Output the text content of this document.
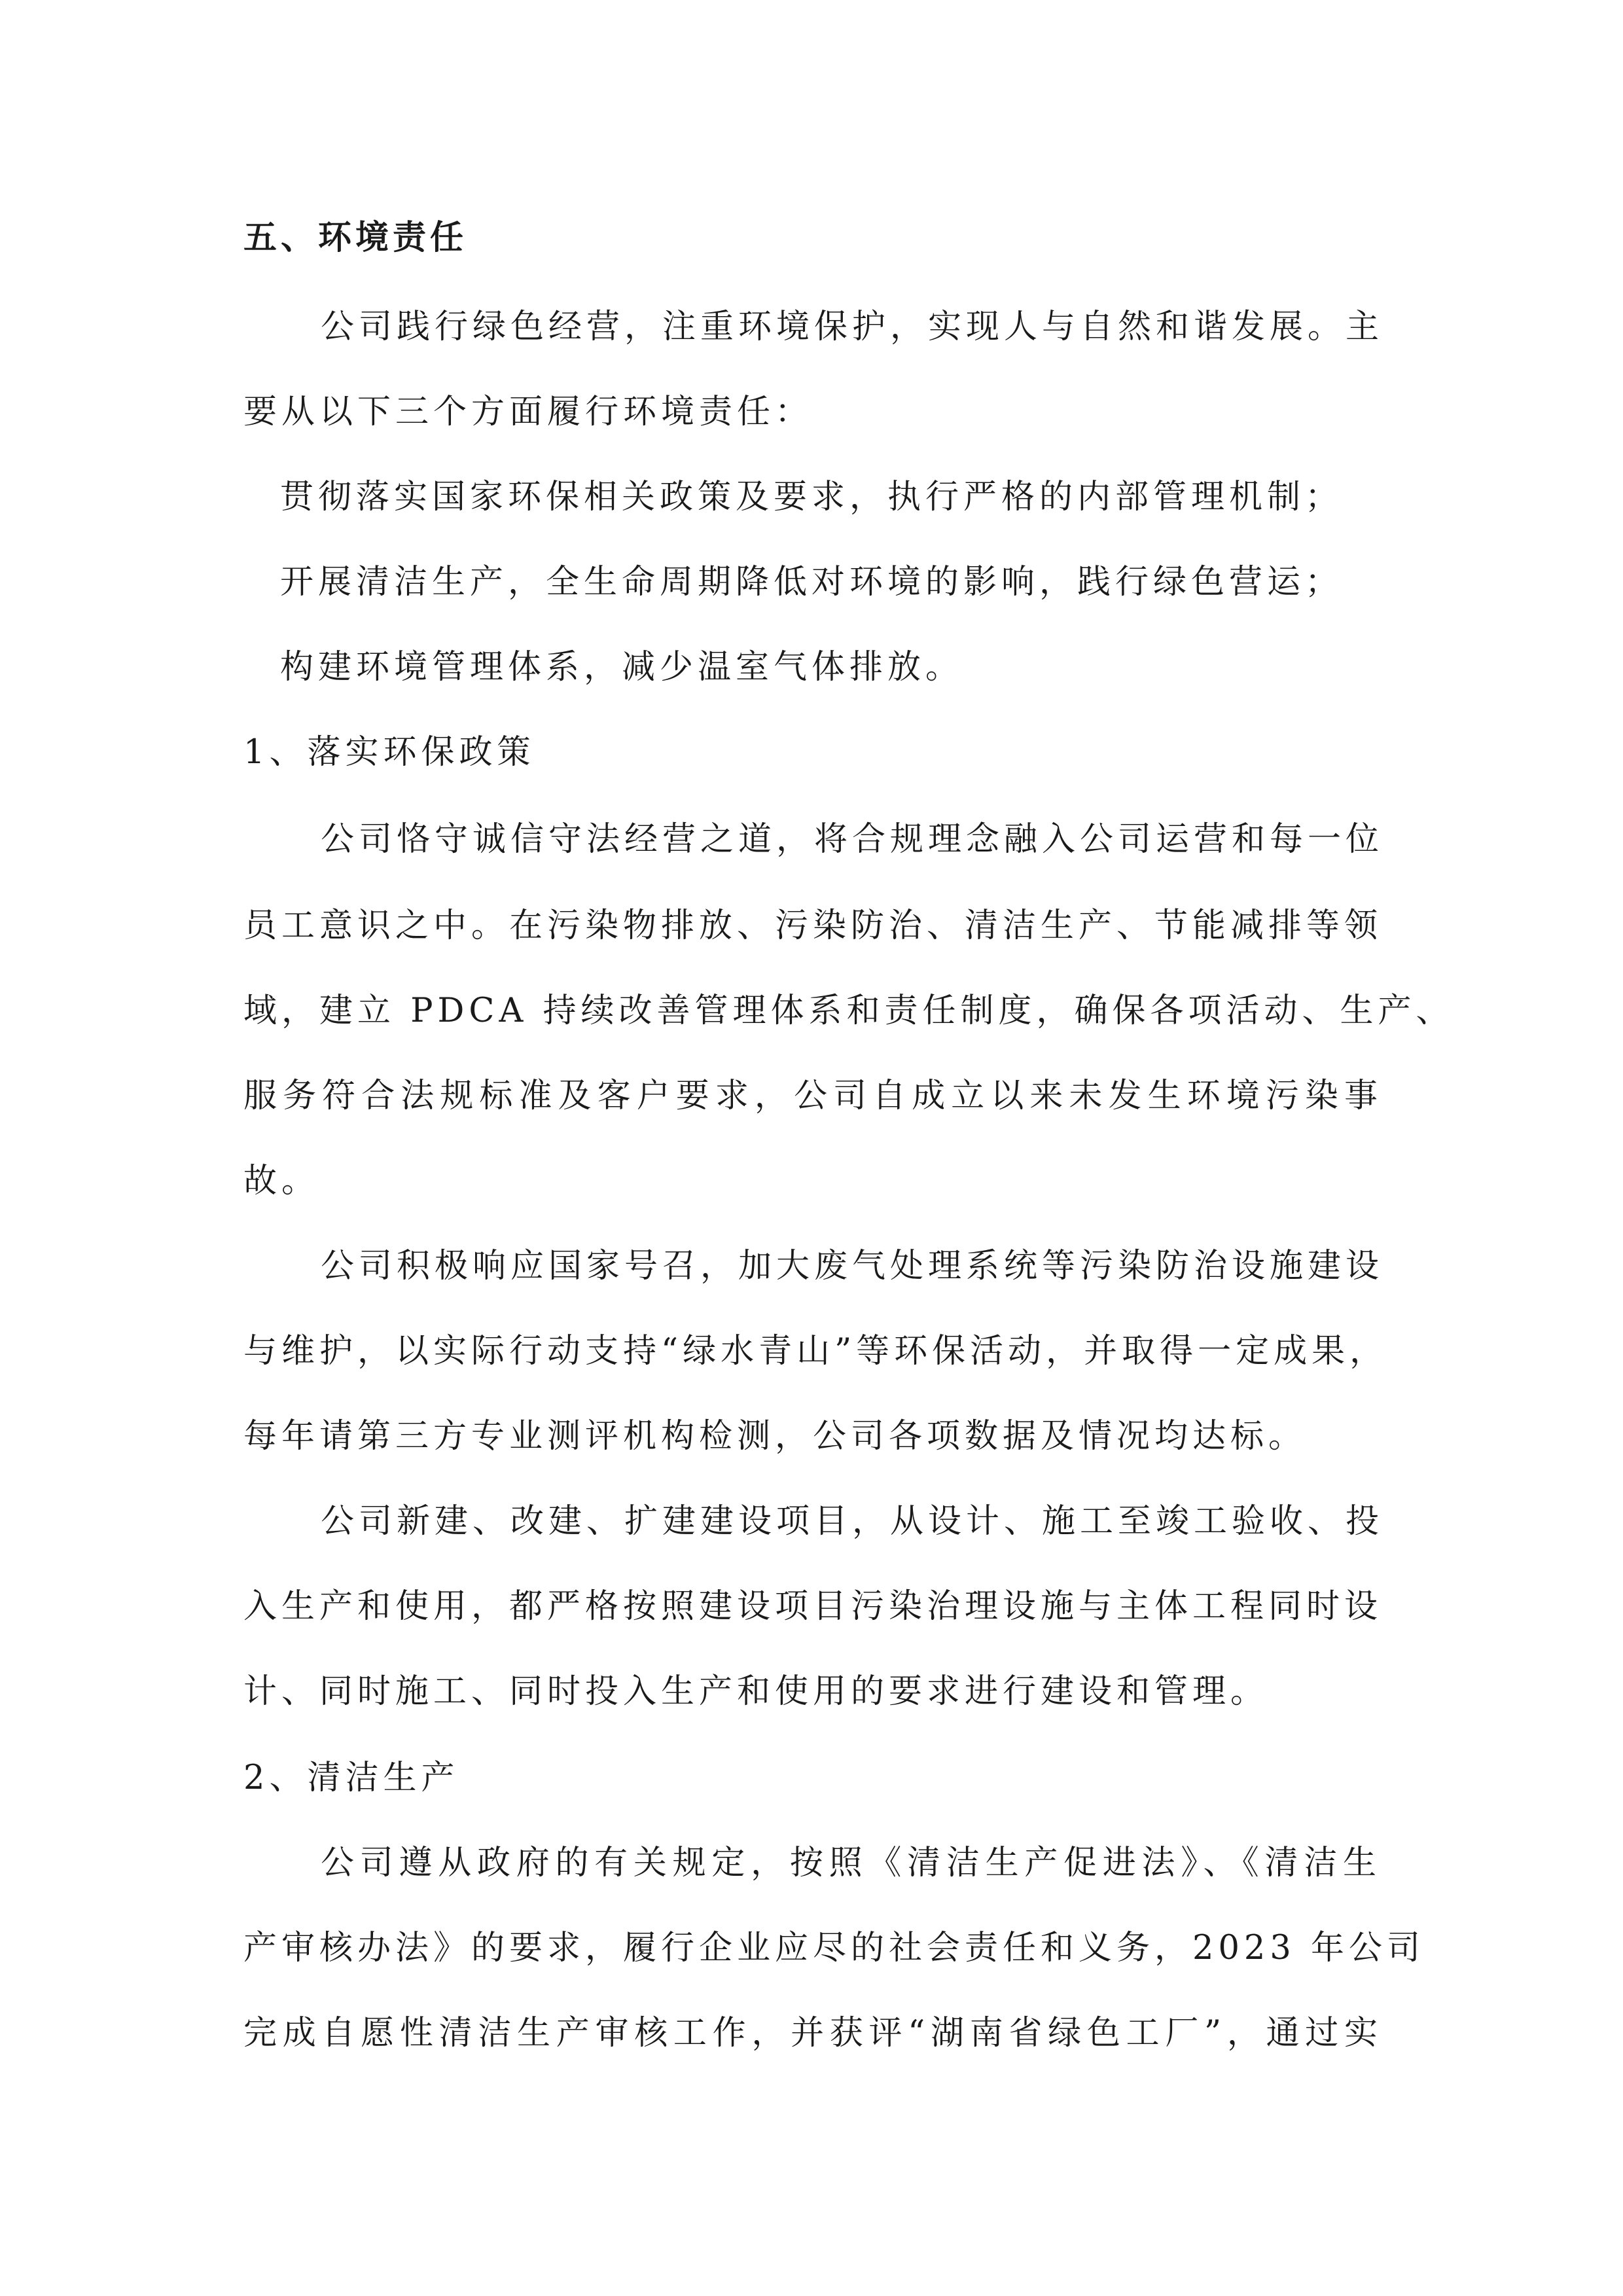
五、环境责任
公司践行绿色经营，注重环境保护，实现人与自然和谐发展。主
要从以下三个方面履行环境责任：
贯彻落实国家环保相关政策及要求，执行严格的内部管理机制；
开展清洁生产，全生命周期降低对环境的影响，践行绿色营运；
构建环境管理体系，减少温室气体排放。
1、落实环保政策
公司恪守诚信守法经营之道，将合规理念融入公司运营和每一位
员工意识之中。在污染物排放、污染防治、清洁生产、节能减排等领
域，建立 PDCA 持续改善管理体系和责任制度，确保各项活动、生产、
服务符合法规标准及客户要求，公司自成立以来未发生环境污染事
故。
公司积极响应国家号召，加大废气处理系统等污染防治设施建设
与维护，以实际行动支持“绿水青山”等环保活动，并取得一定成果，
每年请第三方专业测评机构检测，公司各项数据及情况均达标。
公司新建、改建、扩建建设项目，从设计、施工至竣工验收、投
入生产和使用，都严格按照建设项目污染治理设施与主体工程同时设
计、同时施工、同时投入生产和使用的要求进行建设和管理。
2、清洁生产
公司遵从政府的有关规定，按照《清洁生产促进法》、《清洁生
产审核办法》的要求，履行企业应尽的社会责任和义务，2023 年公司
完成自愿性清洁生产审核工作，并获评“湖南省绿色工厂”，通过实
